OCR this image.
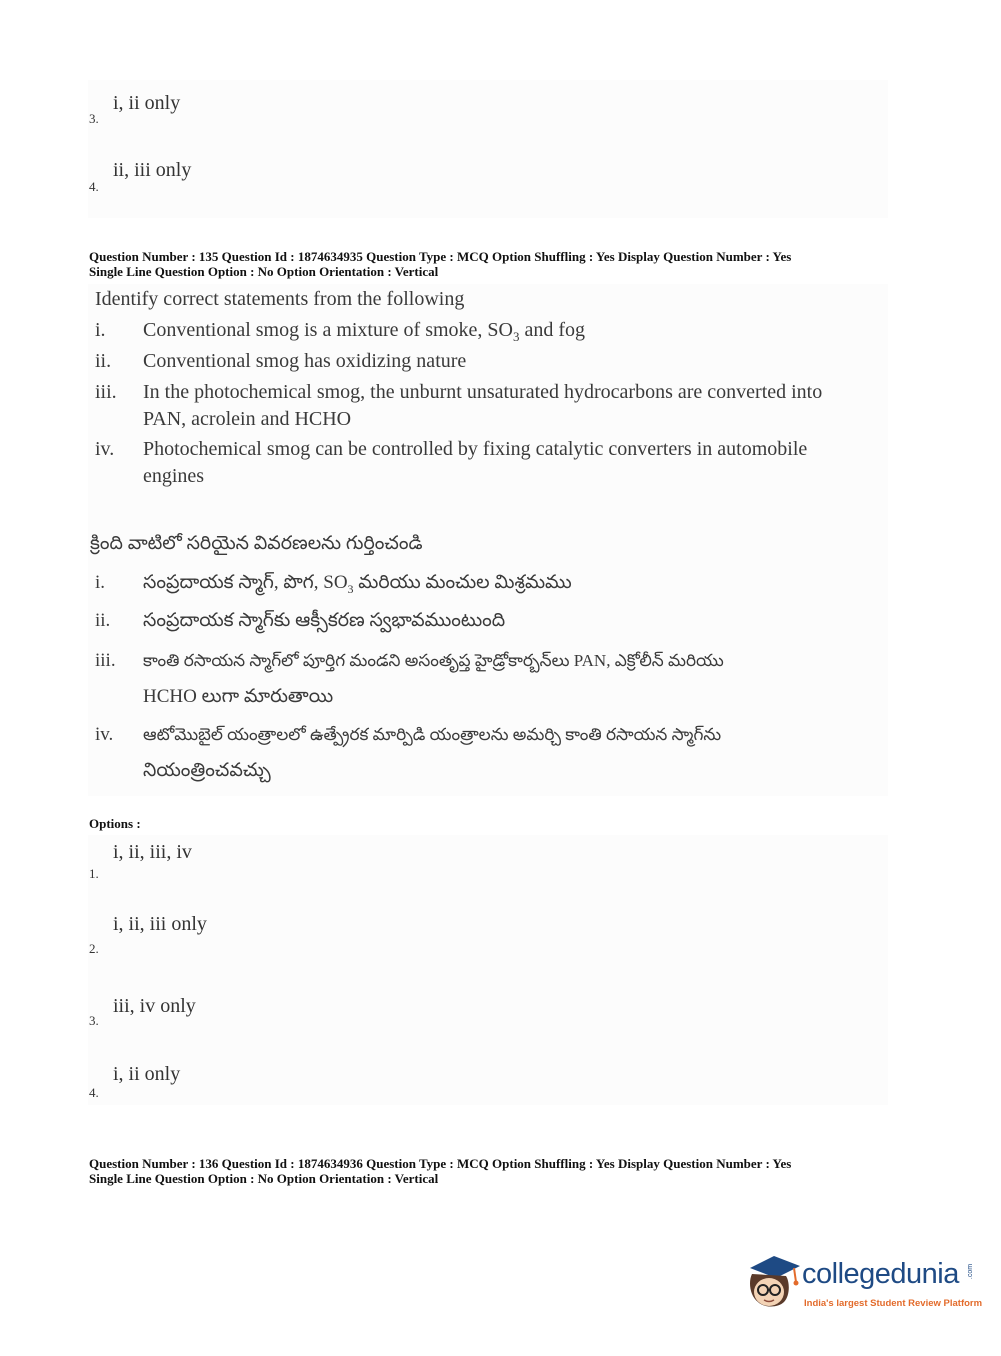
i, ii only
3.
ii, iii only
4.
Question Number : 135 Question Id : 1874634935 Question Type : MCQ Option Shuffling : Yes Display Question Number : Yes
Single Line Question Option : No Option Orientation : Vertical
Identify correct statements from the following
i.	Conventional smog is a mixture of smoke, $SO_3$ and fog
ii.	Conventional smog has oxidizing nature
iii.	In the photochemical smog, the unburnt unsaturated hydrocarbons are converted into
PAN, acrolein and HCHO
iv.	Photochemical smog can be controlled by fixing catalytic converters in automobile
engines
క్రింది వాటిలో సరియైన వివరణలను గుర్తించండి
i.	సంప్రదాయక స్మాగ్, పొగ, $SO_3$ మరియు మంచుల మిశ్రమము
ii.	సంప్రదాయక స్మాగ్‌కు ఆక్సీకరణ స్వభావముంటుంది
iii.	కాంతి రసాయన స్మాగ్‌లో పూర్తిగ మండని అసంతృప్త హైడ్రోకార్బన్‌లు PAN, ఎక్రోలీన్ మరియు
HCHO లుగా మారుతాయి
iv.	ఆటోమొబైల్ యంత్రాలలో ఉత్ప్రేరక మార్పిడి యంత్రాలను అమర్చి కాంతి రసాయన స్మాగ్‌ను
నియంత్రించవచ్చు
Options :
i, ii, iii, iv
1.
i, ii, iii only
2.
iii, iv only
3.
i, ii only
4.
Question Number : 136 Question Id : 1874634936 Question Type : MCQ Option Shuffling : Yes Display Question Number : Yes
Single Line Question Option : No Option Orientation : Vertical
collegedunia .com
India's largest Student Review Platform
